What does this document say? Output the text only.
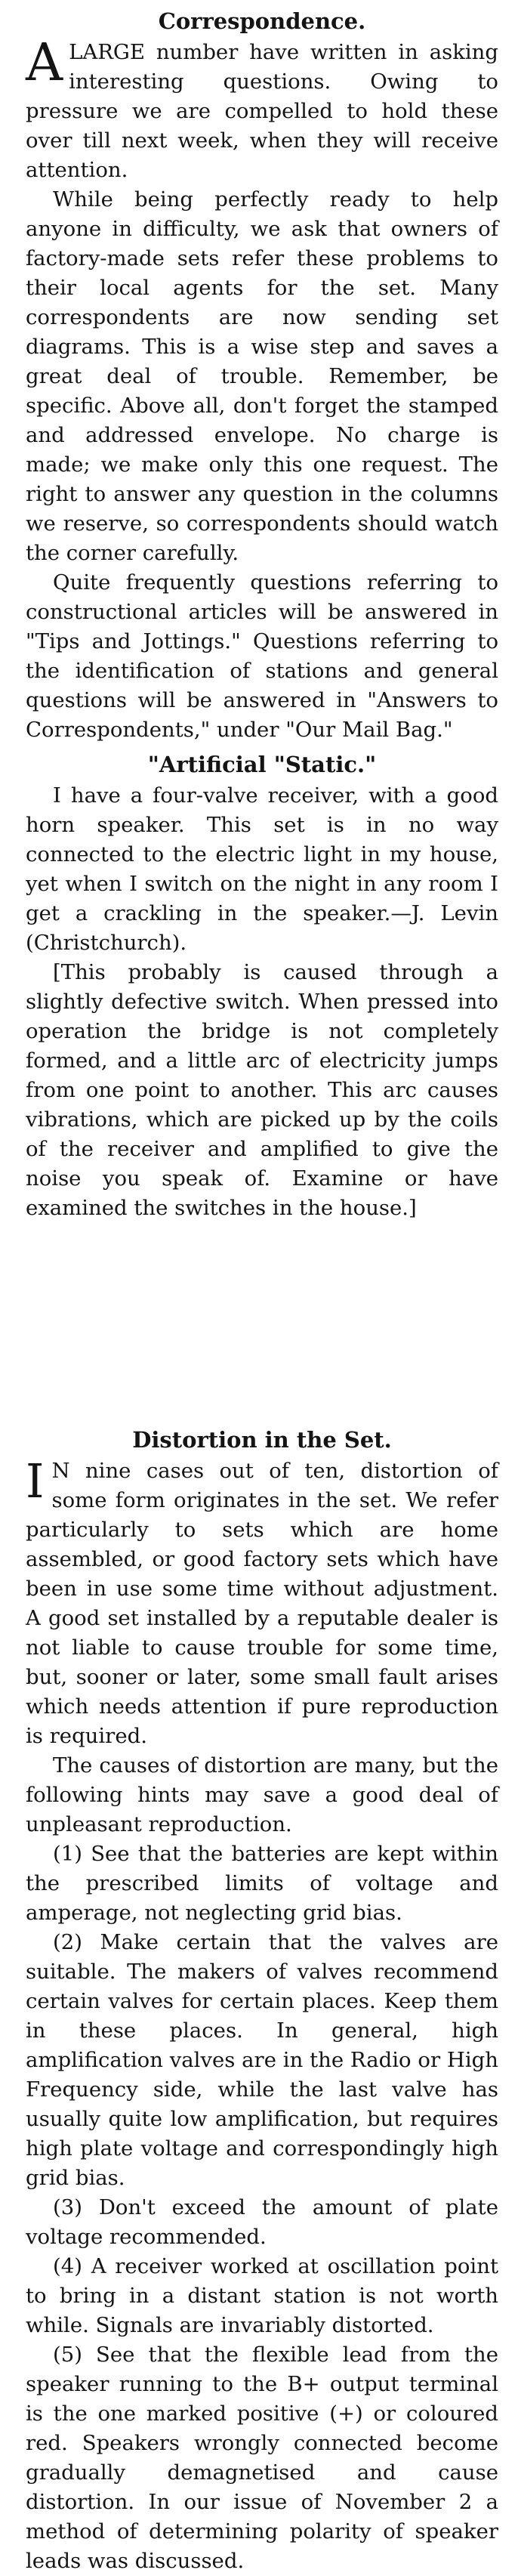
Correspondence.

ALARGE number have written in asking interesting questions. Owing to pressure we are compelled to hold these over till next week, when they will receive attention.

While being perfectly ready to help anyone in difficulty, we ask that owners of factory-made sets refer these problems to their local agents for the set. Many correspondents are now sending set diagrams. This is a wise step and saves a great deal of trouble. Remember, be specific. Above all, don't forget the stamped and addressed envelope. No charge is made; we make only this one request. The right to answer any question in the columns we reserve, so correspondents should watch the corner carefully.

Quite frequently questions referring to constructional articles will be answered in "Tips and Jottings." Questions referring to the identification of stations and general questions will be answered in "Answers to Correspondents," under "Our Mail Bag."

"Artificial "Static."

I have a four-valve receiver, with a good horn speaker. This set is in no way connected to the electric light in my house, yet when I switch on the night in any room I get a crackling in the speaker.—J. Levin (Christchurch).

[This probably is caused through a slightly defective switch. When pressed into operation the bridge is not completely formed, and a little arc of electricity jumps from one point to another. This arc causes vibrations, which are picked up by the coils of the receiver and amplified to give the noise you speak of. Examine or have examined the switches in the house.]

Distortion in the Set.

I N nine cases out of ten, distortion of some form originates in the set. We refer particularly to sets which are home assembled, or good factory sets which have been in use some time without adjustment. A good set installed by a reputable dealer is not liable to cause trouble for some time, but, sooner or later, some small fault arises which needs attention if pure reproduction is required.

The causes of distortion are many, but the following hints may save a good deal of unpleasant reproduction.

(1) See that the batteries are kept within the prescribed limits of voltage and amperage, not neglecting grid bias.

(2) Make certain that the valves are suitable. The makers of valves recommend certain valves for certain places. Keep them in these places. In general, high amplification valves are in the Radio or High Frequency side, while the last valve has usually quite low amplification, but requires high plate voltage and correspondingly high grid bias.

(3) Don't exceed the amount of plate voltage recommended.

(4) A receiver worked at oscillation point to bring in a distant station is not worth while. Signals are invariably distorted.

(5) See that the flexible lead from the speaker running to the B+ output terminal is the one marked positive (+) or coloured red. Speakers wrongly connected become gradually demagnetised and cause distortion. In our issue of November 2 a method of determining polarity of speaker leads was discussed.
